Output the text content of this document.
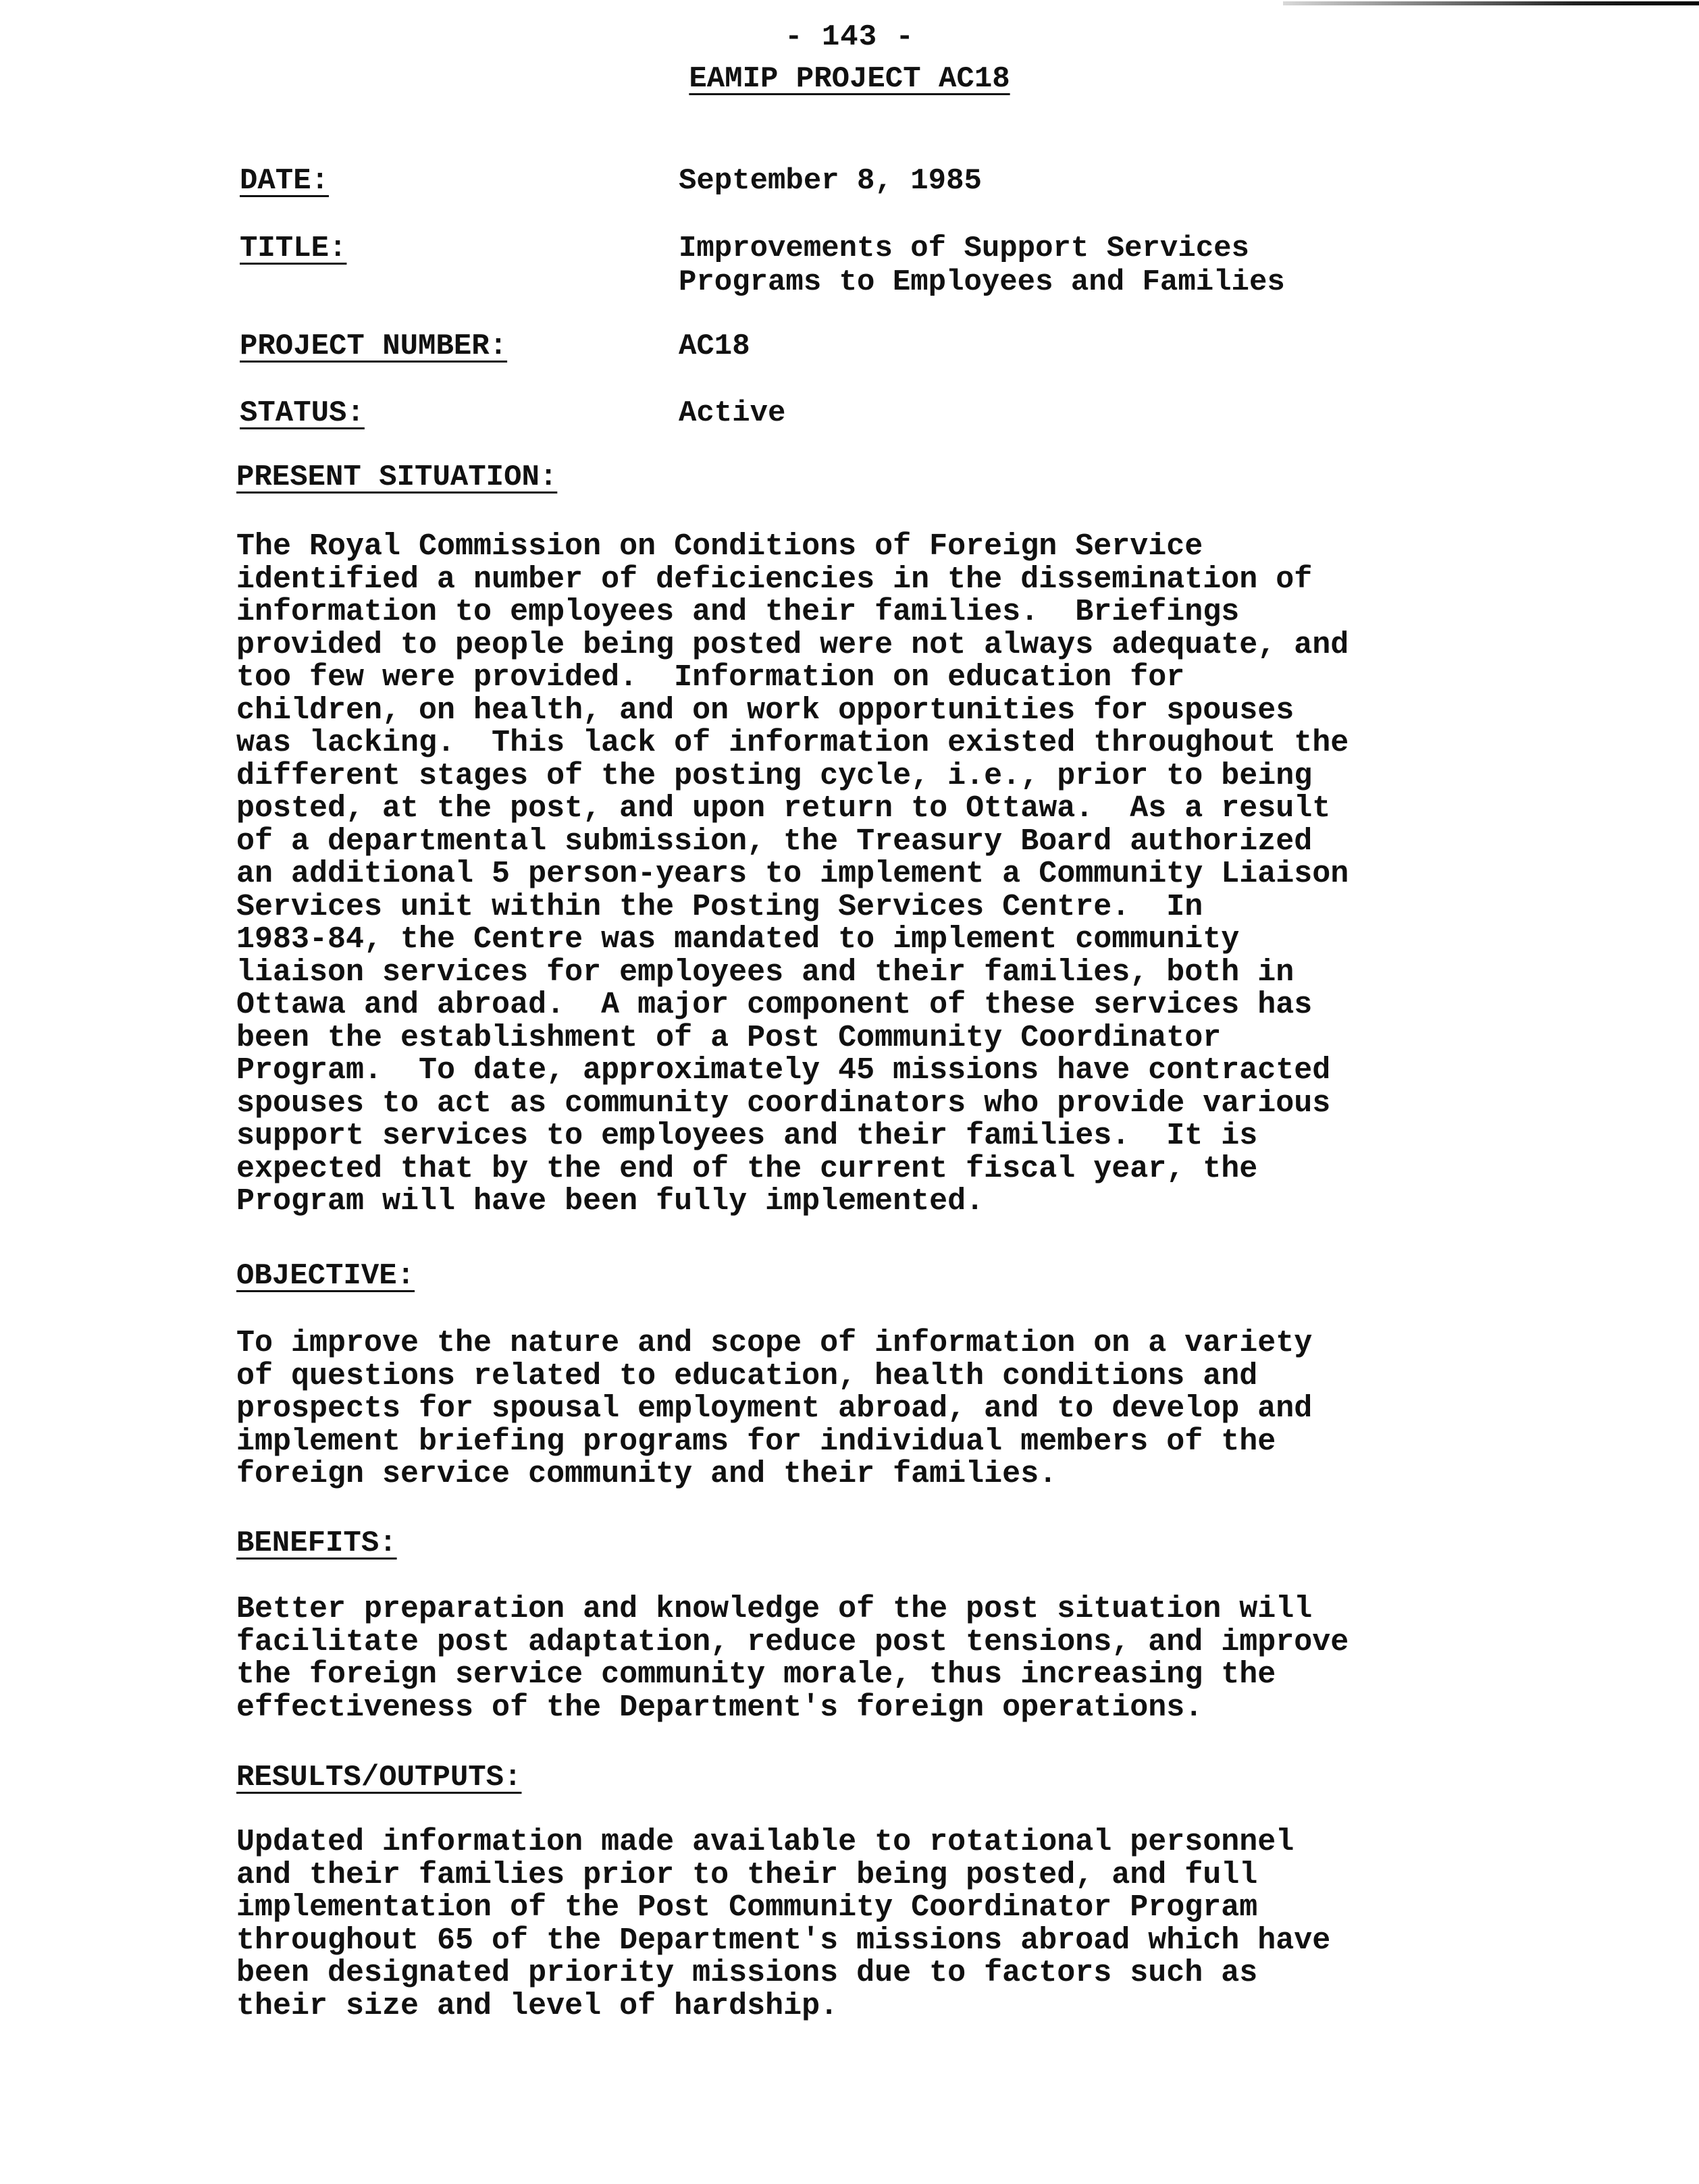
- 143 -
EAMIP PROJECT AC18
DATE:	September 8, 1985
TITLE:	Improvements of Support Services
Programs to Employees and Families
PROJECT NUMBER:	AC18
STATUS:	Active
PRESENT SITUATION:

The Royal Commission on Conditions of Foreign Service
identified a number of deficiencies in the dissemination of
information to employees and their families.  Briefings
provided to people being posted were not always adequate, and
too few were provided.  Information on education for
children, on health, and on work opportunities for spouses
was lacking.  This lack of information existed throughout the
different stages of the posting cycle, i.e., prior to being
posted, at the post, and upon return to Ottawa.  As a result
of a departmental submission, the Treasury Board authorized
an additional 5 person-years to implement a Community Liaison
Services unit within the Posting Services Centre.  In
1983-84, the Centre was mandated to implement community
liaison services for employees and their families, both in
Ottawa and abroad.  A major component of these services has
been the establishment of a Post Community Coordinator
Program.  To date, approximately 45 missions have contracted
spouses to act as community coordinators who provide various
support services to employees and their families.  It is
expected that by the end of the current fiscal year, the
Program will have been fully implemented.

OBJECTIVE:

To improve the nature and scope of information on a variety
of questions related to education, health conditions and
prospects for spousal employment abroad, and to develop and
implement briefing programs for individual members of the
foreign service community and their families.

BENEFITS:

Better preparation and knowledge of the post situation will
facilitate post adaptation, reduce post tensions, and improve
the foreign service community morale, thus increasing the
effectiveness of the Department's foreign operations.

RESULTS/OUTPUTS:

Updated information made available to rotational personnel
and their families prior to their being posted, and full
implementation of the Post Community Coordinator Program
throughout 65 of the Department's missions abroad which have
been designated priority missions due to factors such as
their size and level of hardship.
